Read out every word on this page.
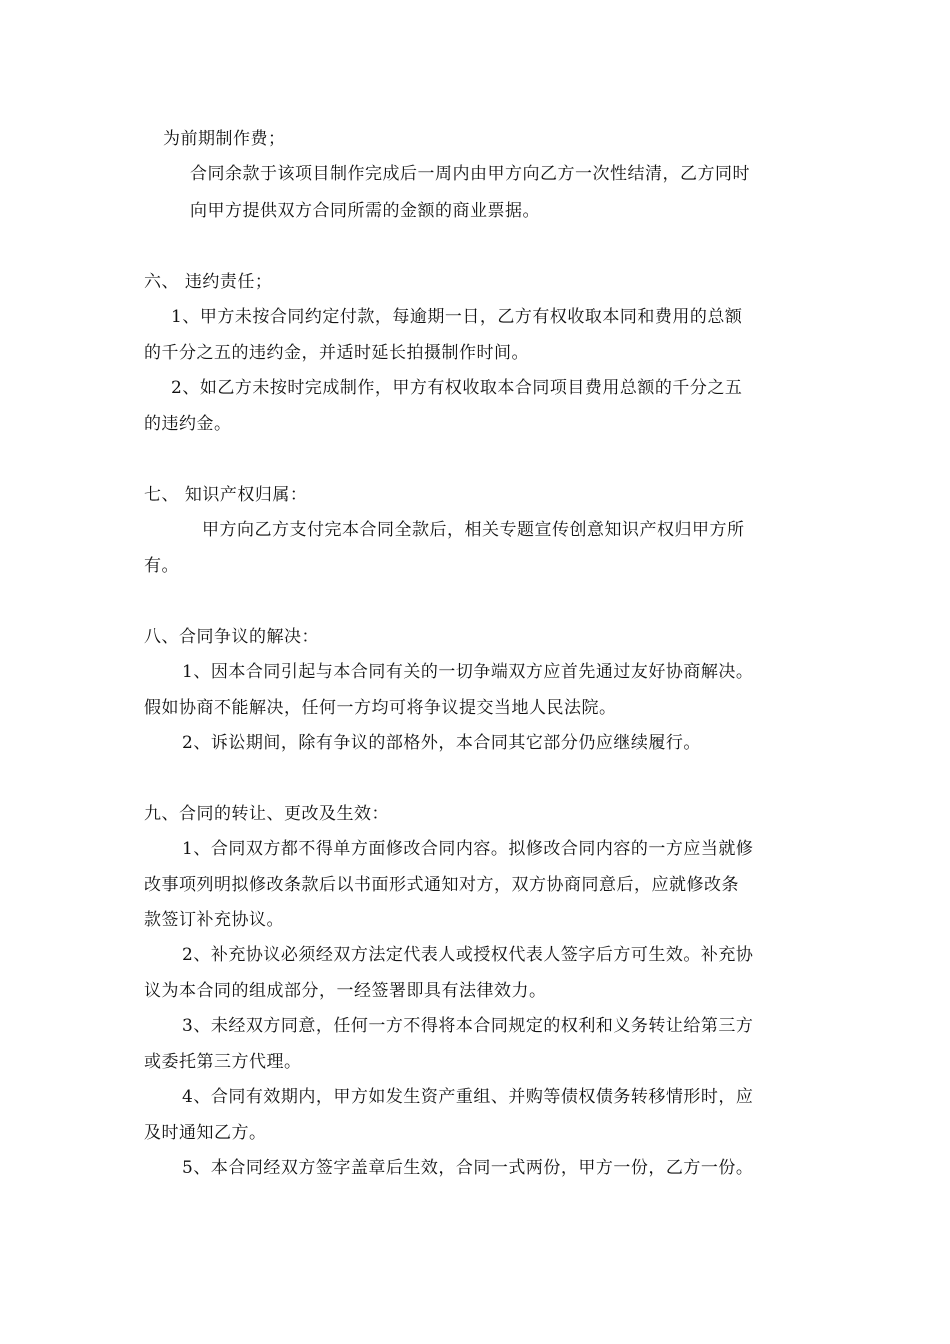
为前期制作费；
合同余款于该项目制作完成后一周内由甲方向乙方一次性结清，乙方同时
向甲方提供双方合同所需的金额的商业票据。
六、 违约责任；
1、甲方未按合同约定付款，每逾期一日，乙方有权收取本同和费用的总额
的千分之五的违约金，并适时延长拍摄制作时间。
2、如乙方未按时完成制作，甲方有权收取本合同项目费用总额的千分之五
的违约金。
七、 知识产权归属：
甲方向乙方支付完本合同全款后，相关专题宣传创意知识产权归甲方所
有。
八、合同争议的解决：
1、因本合同引起与本合同有关的一切争端双方应首先通过友好协商解决。
假如协商不能解决，任何一方均可将争议提交当地人民法院。
2、诉讼期间，除有争议的部格外，本合同其它部分仍应继续履行。
九、合同的转让、更改及生效：
1、合同双方都不得单方面修改合同内容。拟修改合同内容的一方应当就修
改事项列明拟修改条款后以书面形式通知对方，双方协商同意后，应就修改条
款签订补充协议。
2、补充协议必须经双方法定代表人或授权代表人签字后方可生效。补充协
议为本合同的组成部分，一经签署即具有法律效力。
3、未经双方同意，任何一方不得将本合同规定的权利和义务转让给第三方
或委托第三方代理。
4、合同有效期内，甲方如发生资产重组、并购等债权债务转移情形时，应
及时通知乙方。
5、本合同经双方签字盖章后生效，合同一式两份，甲方一份，乙方一份。
